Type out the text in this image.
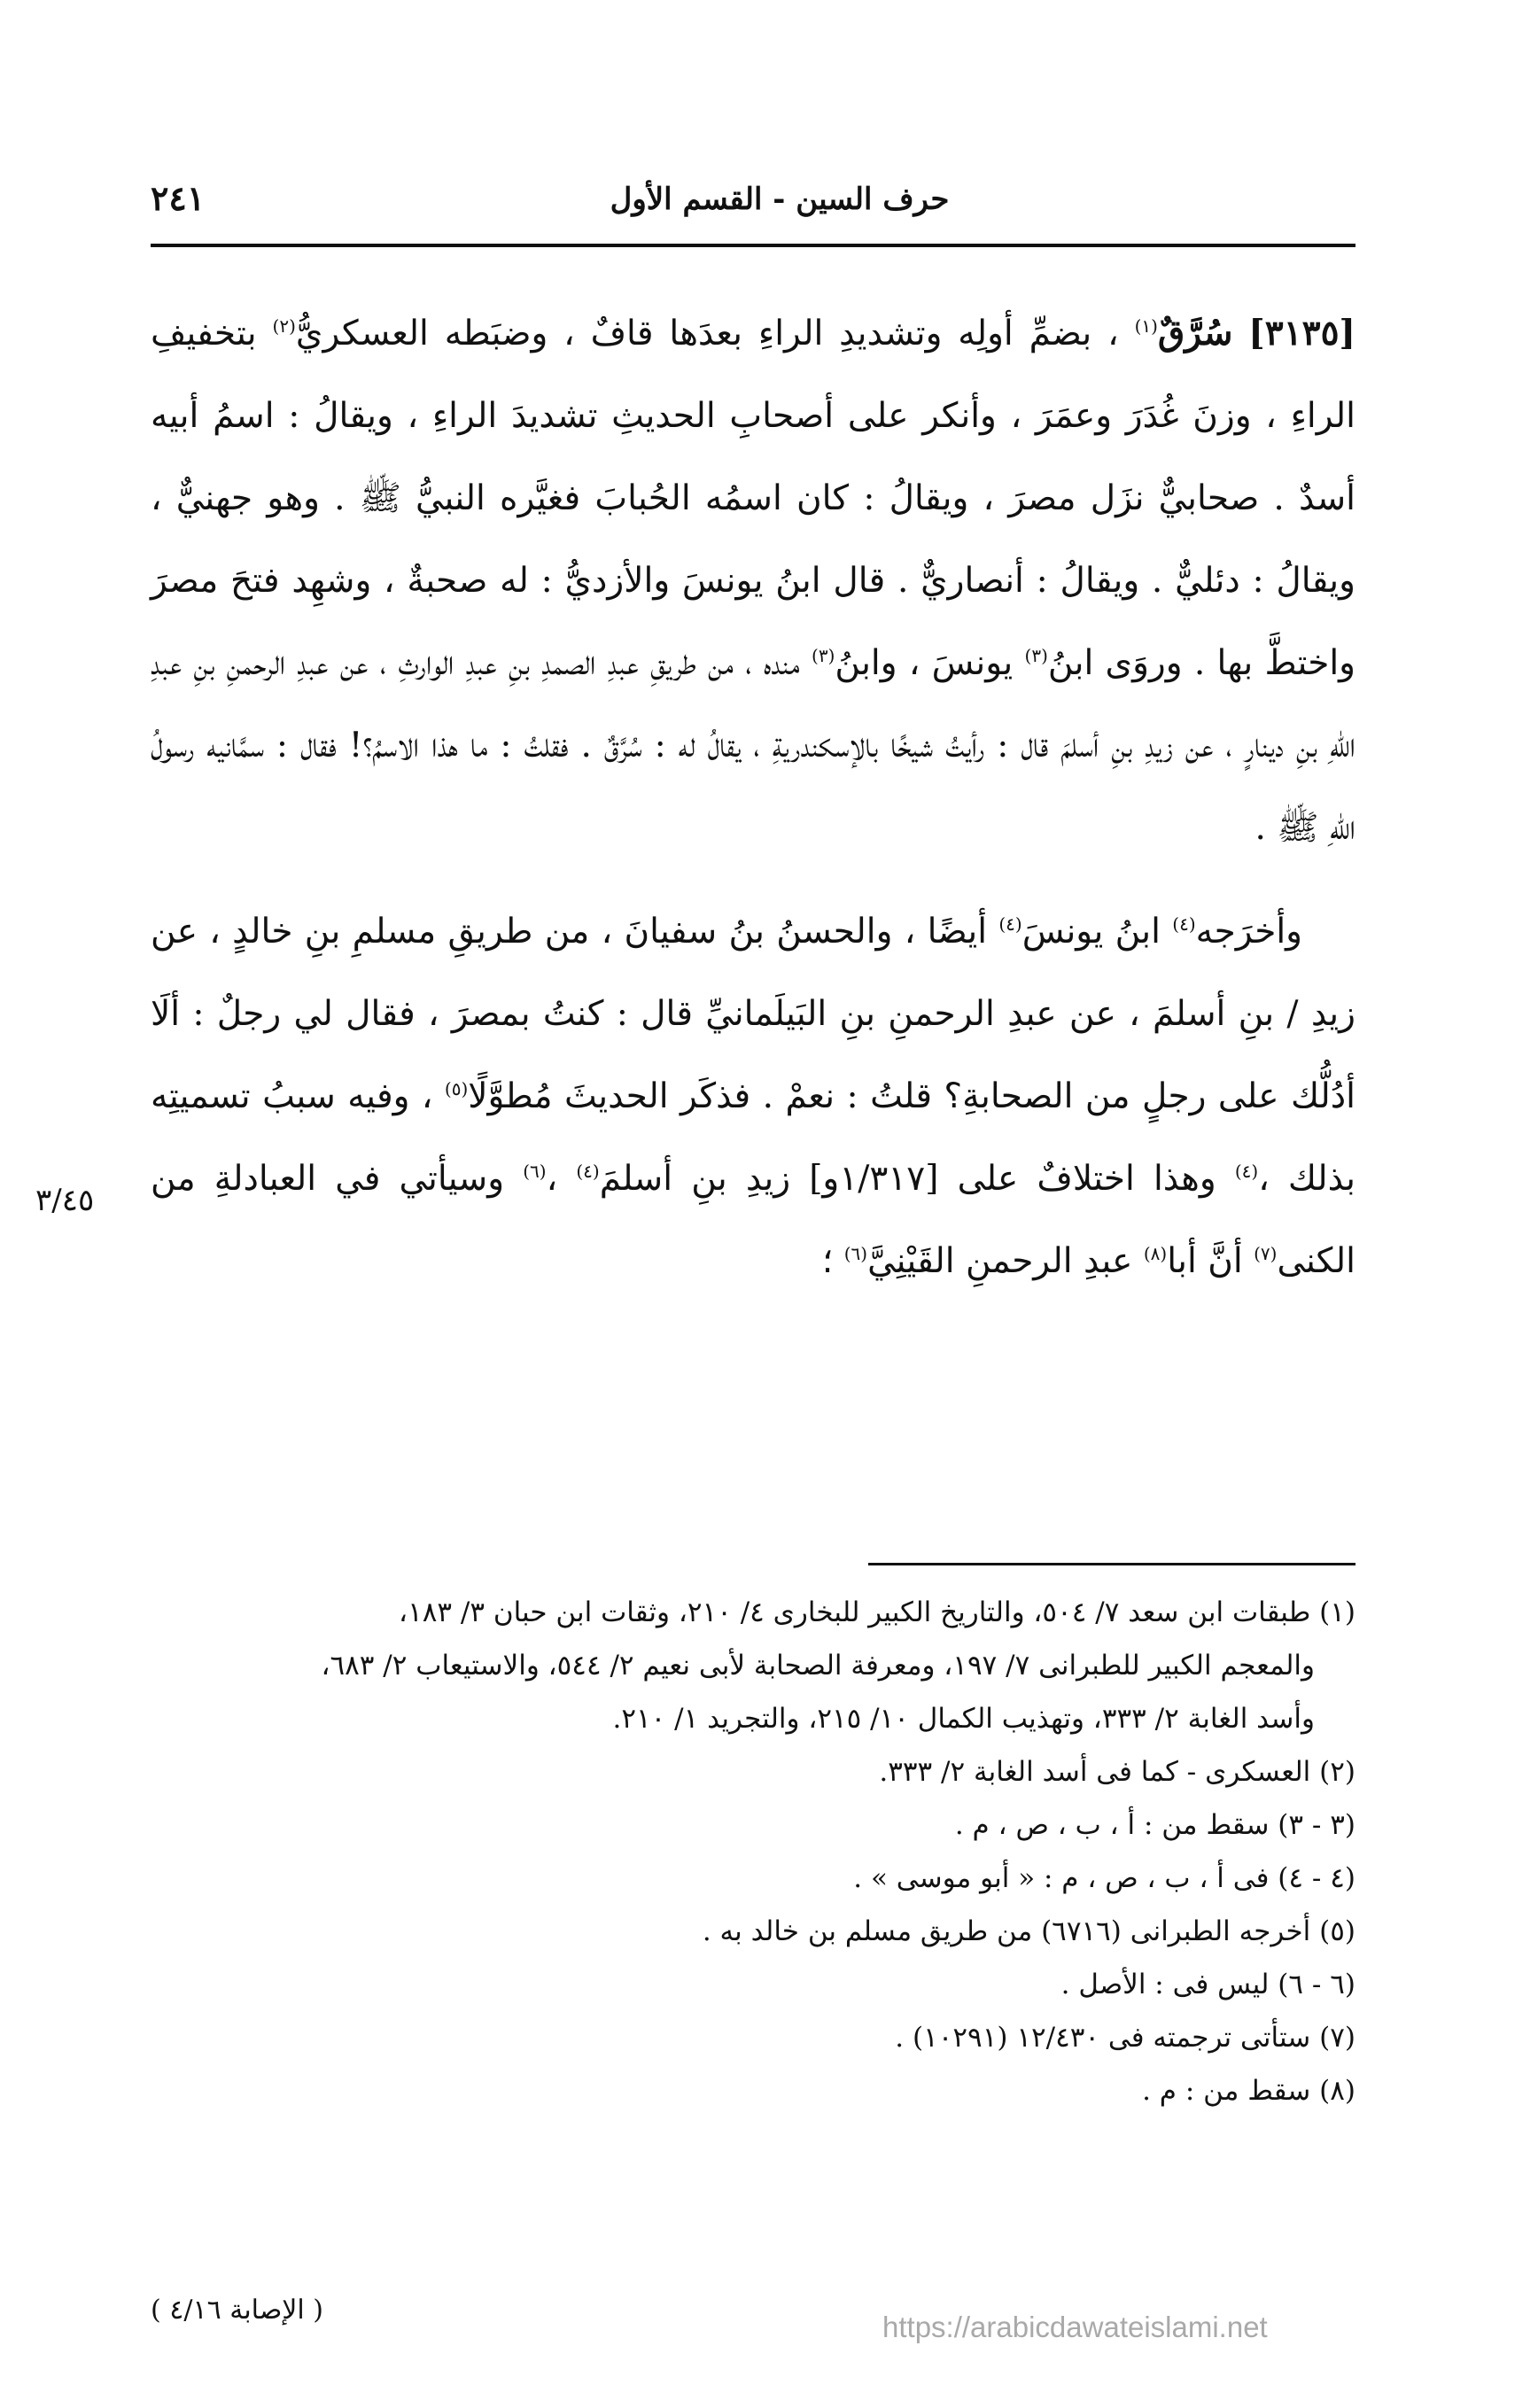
حرف السين - القسم الأول
٢٤١

[٣١٣٥] سُرَّقٌ$^{(١)}$ ، بضمِّ أولِه وتشديدِ الراءِ بعدَها قافٌ ، وضبَطه العسكريُّ$^{(٢)}$ بتخفيفِ الراءِ ، وزنَ غُدَرَ وعمَرَ ، وأنكر على أصحابِ الحديثِ تشديدَ الراءِ ، ويقالُ : اسمُ أبيه أسدٌ . صحابيٌّ نزَل مصرَ ، ويقالُ : كان اسمُه الحُبابَ فغيَّره النبيُّ ﷺ . وهو جهنيٌّ ، ويقالُ : دئليٌّ . ويقالُ : أنصاريٌّ . قال ابنُ يونسَ والأزديُّ : له صحبةٌ ، وشهِد فتحَ مصرَ واختطَّ بها . وروَى ابنُ$^{(٣)}$ يونسَ ، وابنُ$^{(٣)}$ منده ، من طريقِ عبدِ الصمدِ بنِ عبدِ الوارثِ ، عن عبدِ الرحمنِ بنِ عبدِ اللهِ بنِ دينارٍ ، عن زيدِ بنِ أسلمَ قال : رأيتُ شيخًا بالإسكندريةِ ، يقالُ له : سُرَّقٌ . فقلتُ : ما هذا الاسمُ؟! فقال : سمَّانيه رسولُ اللهِ ﷺ .

وأخرَجه$^{(٤)}$ ابنُ يونسَ$^{(٤)}$ أيضًا ، والحسنُ بنُ سفيانَ ، من طريقِ مسلمِ بنِ خالدٍ ، عن زيدِ / بنِ أسلمَ ، عن عبدِ الرحمنِ بنِ البَيلَمانيِّ قال : كنتُ بمصرَ ، فقال لي رجلٌ : ألَا أدُلُّك على رجلٍ من الصحابةِ؟ قلتُ : نعمْ . فذكَر الحديثَ مُطوَّلًا$^{(٥)}$ ، وفيه سببُ تسميتِه بذلك ،$^{(٤)}$ وهذا اختلافٌ على [١/٣١٧و] زيدِ بنِ أسلمَ$^{(٤)}$ ،$^{(٦)}$ وسيأتي في العبادلةِ من الكنى$^{(٧)}$ أنَّ أبا$^{(٨)}$ عبدِ الرحمنِ القَيْنِيَّ$^{(٦)}$ ؛

٣/٤٥

(١) طبقات ابن سعد ٧/ ٥٠٤، والتاريخ الكبير للبخارى ٤/ ٢١٠، وثقات ابن حبان ٣/ ١٨٣،

والمعجم الكبير للطبرانى ٧/ ١٩٧، ومعرفة الصحابة لأبى نعيم ٢/ ٥٤٤، والاستيعاب ٢/ ٦٨٣،

وأسد الغابة ٢/ ٣٣٣، وتهذيب الكمال ١٠/ ٢١٥، والتجريد ١/ ٢١٠.

(٢) العسكرى - كما فى أسد الغابة ٢/ ٣٣٣.

(٣ - ٣) سقط من : أ ، ب ، ص ، م .

(٤ - ٤) فى أ ، ب ، ص ، م : « أبو موسى » .

(٥) أخرجه الطبرانى (٦٧١٦) من طريق مسلم بن خالد به .

(٦ - ٦) ليس فى : الأصل .

(٧) ستأتى ترجمته فى ١٢/٤٣٠ (١٠٢٩١) .

(٨) سقط من : م .

( الإصابة ٤/١٦ )
https://arabicdawateislami.net
